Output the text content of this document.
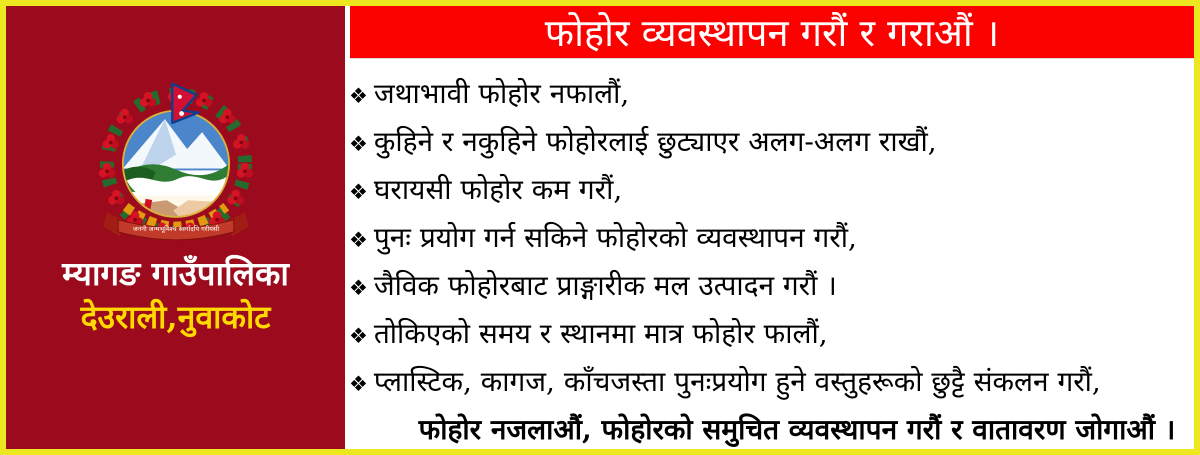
जननी जन्मभूमिश्च स्वर्गादपि गरीयसी
म्यागङ गाउँपालिका
देउराली,नुवाकोट
फोहोर व्यवस्थापन गरौं र गराऔं ।
❖ जथाभावी फोहोर नफालौं,
❖ कुहिने र नकुहिने फोहोरलाई छुट्याएर अलग-अलग राखौं,
❖ घरायसी फोहोर कम गरौं,
❖ पुनः प्रयोग गर्न सकिने फोहोरको व्यवस्थापन गरौं,
❖ जैविक फोहोरबाट प्राङ्गारीक मल उत्पादन गरौं ।
❖ तोकिएको समय र स्थानमा मात्र फोहोर फालौं,
❖ प्लास्टिक, कागज, काँचजस्ता पुनःप्रयोग हुने वस्तुहरूको छुट्टै संकलन गरौं,
फोहोर नजलाऔं, फोहोरको समुचित व्यवस्थापन गरौं र वातावरण जोगाऔं ।
